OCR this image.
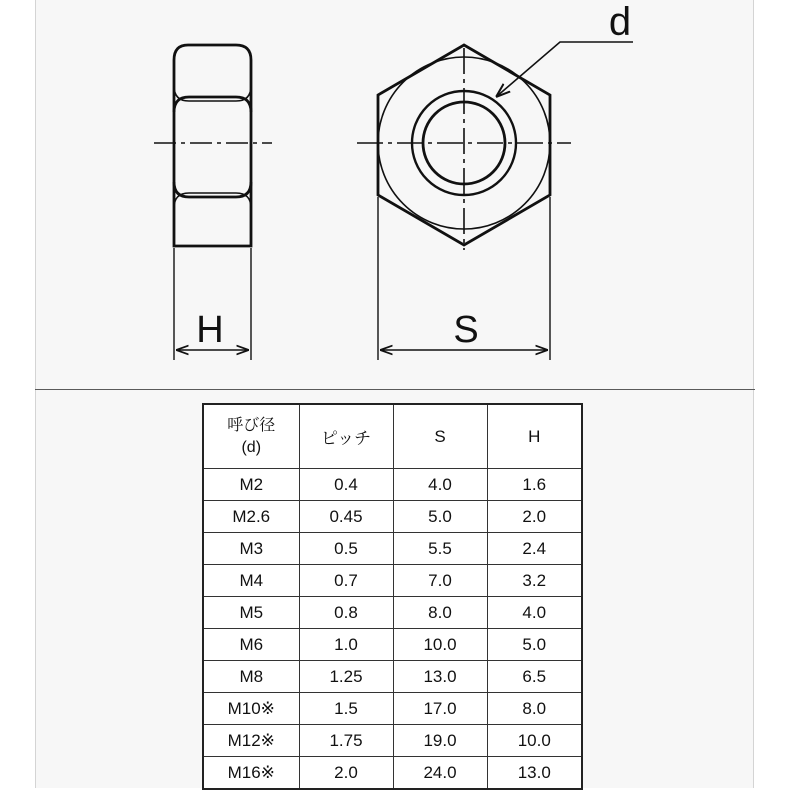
d
H	S
呼び径
(d)	ピッチ	S	H
M2	0.4	4.0	1.6
M2.6	0.45	5.0	2.0
M3	0.5	5.5	2.4
M4	0.7	7.0	3.2
M5	0.8	8.0	4.0
M6	1.0	10.0	5.0
M8	1.25	13.0	6.5
M10※	1.5	17.0	8.0
M12※	1.75	19.0	10.0
M16※	2.0	24.0	13.0
